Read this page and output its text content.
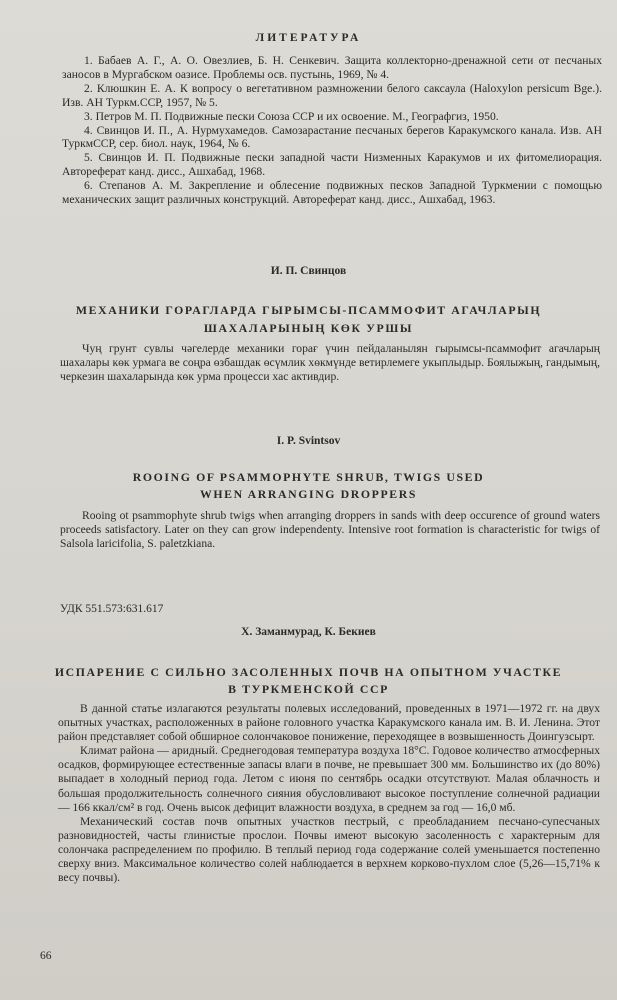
ЛИТЕРАТУРА

1. Бабаев А. Г., А. О. Овезлиев, Б. Н. Сенкевич. Защита коллекторно-дренажной сети от песчаных заносов в Мургабском оазисе. Проблемы осв. пустынь, 1969, № 4.

2. Клюшкин Е. А. К вопросу о вегетативном размножении белого саксаула (Haloxylon persicum Bge.). Изв. АН Туркм.ССР, 1957, № 5.

3. Петров М. П. Подвижные пески Союза ССР и их освоение. М., Географгиз, 1950.

4. Свинцов И. П., А. Нурмухамедов. Самозарастание песчаных берегов Каракумского канала. Изв. АН ТуркмССР, сер. биол. наук, 1964, № 6.

5. Свинцов И. П. Подвижные пески западной части Низменных Каракумов и их фитомелиорация. Автореферат канд. дисс., Ашхабад, 1968.

6. Степанов А. М. Закрепление и облесение подвижных песков Западной Туркмении с помощью механических защит различных конструкций. Автореферат канд. дисс., Ашхабад, 1963.

И. П. Свинцов
МЕХАНИКИ ГОРАГЛАРДА ГЫРЫМСЫ-ПСАММОФИТ АГАЧЛАРЫҢ
ШАХАЛАРЫНЫҢ КӨК УРШЫ

Чуң грунт сувлы чәгелерде механики горағ үчин пейдаланылян гырымсы-псаммофит агачларың шахалары көк урмага ве соңра өзбашдак өсүмлик хөкмүнде ветирлемеге укыплыдыр. Боялыжың, гандымың, черкезин шахаларында көк урма процесси хас активдир.

I. P. Svintsov
ROOING OF PSAMMOPHYTE SHRUB, TWIGS USED
WHEN ARRANGING DROPPERS

Rooing ot psammophyte shrub twigs when arranging droppers in sands with deep occurence of ground waters proceeds satisfactory. Later on they can grow independenty. Intensive root formation is characteristic for twigs of Salsola laricifolia, S. paletzkiana.

УДК 551.573:631.617
Х. Заманмурад, К. Бекиев
ИСПАРЕНИЕ С СИЛЬНО ЗАСОЛЕННЫХ ПОЧВ НА ОПЫТНОМ УЧАСТКЕ
В ТУРКМЕНСКОЙ ССР

В данной статье излагаются результаты полевых исследований, проведенных в 1971—1972 гг. на двух опытных участках, расположенных в районе головного участка Каракумского канала им. В. И. Ленина. Этот район представляет собой обширное солончаковое понижение, переходящее в возвышенность Доингузсырт.

Климат района — аридный. Среднегодовая температура воздуха 18°С. Годовое количество атмосферных осадков, формирующее естественные запасы влаги в почве, не превышает 300 мм. Большинство их (до 80%) выпадает в холодный период года. Летом с июня по сентябрь осадки отсутствуют. Малая облачность и большая продолжительность солнечного сияния обусловливают высокое поступление солнечной радиации — 166 ккал/см² в год. Очень высок дефицит влажности воздуха, в среднем за год — 16,0 мб.

Механический состав почв опытных участков пестрый, с преобладанием песчано-супесчаных разновидностей, часты глинистые прослои. Почвы имеют высокую засоленность с характерным для солончака распределением по профилю. В теплый период года содержание солей уменьшается постепенно сверху вниз. Максимальное количество солей наблюдается в верхнем корково-пухлом слое (5,26—15,71% к весу почвы).

66
